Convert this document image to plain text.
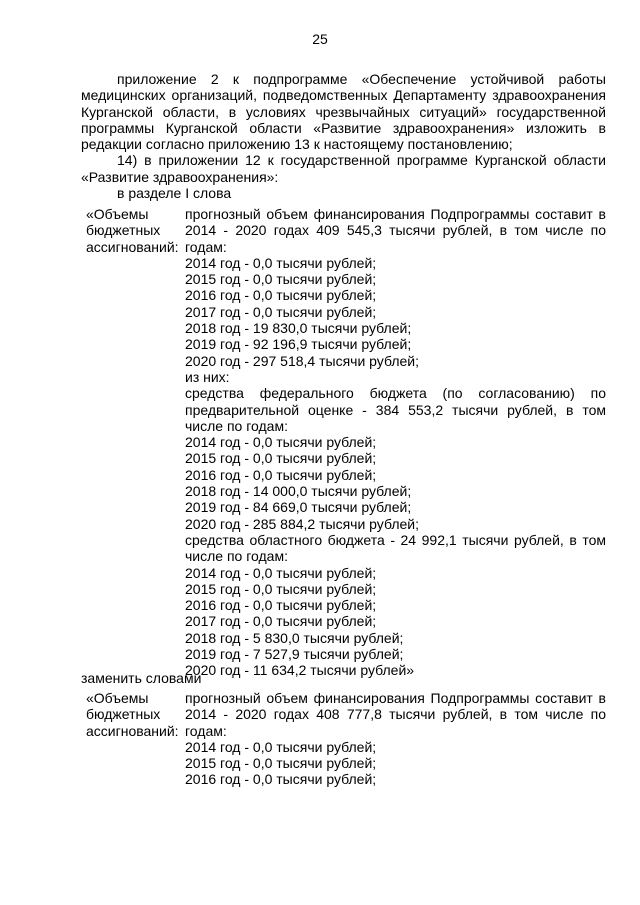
25

приложение 2 к подпрограмме «Обеспечение устойчивой работы медицинских организаций, подведомственных Департаменту здравоохранения Курганской области, в условиях чрезвычайных ситуаций» государственной программы Курганской области «Развитие здравоохранения» изложить в редакции согласно приложению 13 к настоящему постановлению;

14) в приложении 12 к государственной программе Курганской области «Развитие здравоохранения»:

в разделе I слова

«Объемы
бюджетных
ассигнований:
прогнозный объем финансирования Подпрограммы составит в 2014 - 2020 годах 409 545,3 тысячи рублей, в том числе по годам:
2014 год - 0,0 тысячи рублей;
2015 год - 0,0 тысячи рублей;
2016 год - 0,0 тысячи рублей;
2017 год - 0,0 тысячи рублей;
2018 год - 19 830,0 тысячи рублей;
2019 год - 92 196,9 тысячи рублей;
2020 год - 297 518,4 тысячи рублей;
из них:
средства федерального бюджета (по согласованию) по предварительной оценке - 384 553,2 тысячи рублей, в том числе по годам:
2014 год - 0,0 тысячи рублей;
2015 год - 0,0 тысячи рублей;
2016 год - 0,0 тысячи рублей;
2018 год - 14 000,0 тысячи рублей;
2019 год - 84 669,0 тысячи рублей;
2020 год - 285 884,2 тысячи рублей;
средства областного бюджета - 24 992,1 тысячи рублей, в том числе по годам:
2014 год - 0,0 тысячи рублей;
2015 год - 0,0 тысячи рублей;
2016 год - 0,0 тысячи рублей;
2017 год - 0,0 тысячи рублей;
2018 год - 5 830,0 тысячи рублей;
2019 год - 7 527,9 тысячи рублей;
2020 год - 11 634,2 тысячи рублей»
заменить словами
«Объемы
бюджетных
ассигнований:
прогнозный объем финансирования Подпрограммы составит в 2014 - 2020 годах 408 777,8 тысячи рублей, в том числе по годам:
2014 год - 0,0 тысячи рублей;
2015 год - 0,0 тысячи рублей;
2016 год - 0,0 тысячи рублей;
